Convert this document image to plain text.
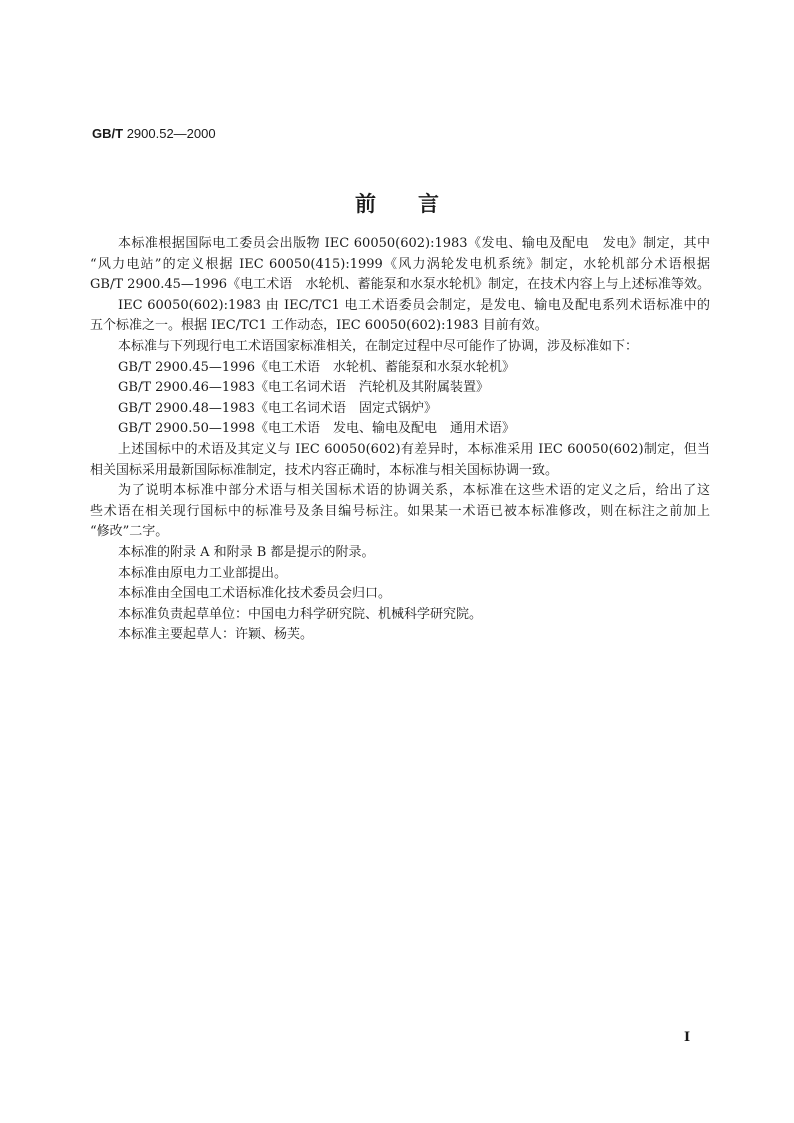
GB/T 2900.52—2000
前言
本标准根据国际电工委员会出版物 IEC 60050(602):1983《发电、输电及配电　发电》制定，其中
“风力电站”的定义根据 IEC 60050(415):1999《风力涡轮发电机系统》制定，水轮机部分术语根据
GB/T 2900.45—1996《电工术语　水轮机、蓄能泵和水泵水轮机》制定，在技术内容上与上述标准等效。
IEC 60050(602):1983 由 IEC/TC1 电工术语委员会制定，是发电、输电及配电系列术语标准中的
五个标准之一。根据 IEC/TC1 工作动态，IEC 60050(602):1983 目前有效。
本标准与下列现行电工术语国家标准相关，在制定过程中尽可能作了协调，涉及标准如下：
GB/T 2900.45—1996《电工术语　水轮机、蓄能泵和水泵水轮机》
GB/T 2900.46—1983《电工名词术语　汽轮机及其附属装置》
GB/T 2900.48—1983《电工名词术语　固定式锅炉》
GB/T 2900.50—1998《电工术语　发电、输电及配电　通用术语》
上述国标中的术语及其定义与 IEC 60050(602)有差异时，本标准采用 IEC 60050(602)制定，但当
相关国标采用最新国际标准制定，技术内容正确时，本标准与相关国标协调一致。
为了说明本标准中部分术语与相关国标术语的协调关系，本标准在这些术语的定义之后，给出了这
些术语在相关现行国标中的标准号及条目编号标注。如果某一术语已被本标准修改，则在标注之前加上
“修改”二字。
本标准的附录 A 和附录 B 都是提示的附录。
本标准由原电力工业部提出。
本标准由全国电工术语标准化技术委员会归口。
本标准负责起草单位：中国电力科学研究院、机械科学研究院。
本标准主要起草人：许颖、杨芙。
I
